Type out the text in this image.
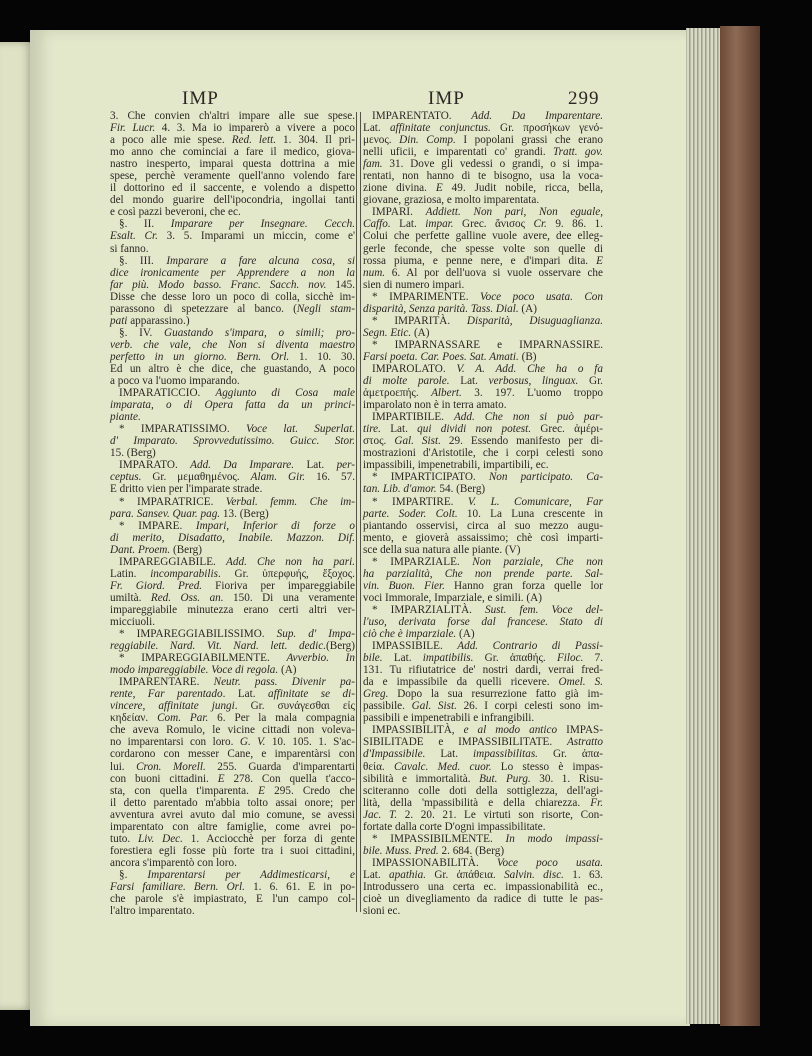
IMP	IMP	299
3. Che convien ch'altri impare alle sue spese.
Fir. Lucr. 4. 3. Ma io imparerò a vivere a poco
a poco alle mie spese. Red. lett. 1. 304. Il pri-
mo anno che cominciai a fare il medico, giova-
nastro inesperto, imparai questa dottrina a mie
spese, perchè veramente quell'anno volendo fare
il dottorino ed il saccente, e volendo a dispetto
del mondo guarire dell'ipocondria, ingollai tanti
e così pazzi beveroni, che ec.
§. II. Imparare per Insegnare. Cecch.
Esalt. Cr. 3. 5. Imparami un miccin, come e'
si fanno.
§. III. Imparare a fare alcuna cosa, si
dice ironicamente per Apprendere a non la
far più. Modo basso. Franc. Sacch. nov. 145.
Disse che desse loro un poco di colla, sicchè im-
parassono di spetezzare al banco. (Negli stam-
pati apparassino.)
§. IV. Guastando s'impara, o simili; pro-
verb. che vale, che Non si diventa maestro
perfetto in un giorno. Bern. Orl. 1. 10. 30.
Ed un altro è che dice, che guastando, A poco
a poco va l'uomo imparando.
IMPARATICCIO. Aggiunto di Cosa male
imparata, o di Opera fatta da un princi-
piante.
* IMPARATISSIMO. Voce lat. Superlat.
d' Imparato. Sprovvedutissimo. Guicc. Stor.
15. (Berg)
IMPARATO. Add. Da Imparare. Lat. per-
ceptus. Gr. μεμαθημένος. Alam. Gir. 16. 57.
E dritto vien per l'imparate strade.
* IMPARATRICE. Verbal. femm. Che im-
para. Sansev. Quar. pag. 13. (Berg)
* IMPARE. Impari, Inferior di forze o
di merito, Disadatto, Inabile. Mazzon. Dif.
Dant. Proem. (Berg)
IMPAREGGIABILE. Add. Che non ha pari.
Latin. incomparabilis. Gr. ὑπερφυής, ἔξοχος.
Fr. Giord. Pred. Fioriva per impareggiabile
umiltà. Red. Oss. an. 150. Di una veramente
impareggiabile minutezza erano certi altri ver-
micciuoli.
* IMPAREGGIABILISSIMO. Sup. d' Impa-
reggiabile. Nard. Vit. Nard. lett. dedic.(Berg)
* IMPAREGGIABILMENTE. Avverbio. In
modo impareggiabile. Voce di regola. (A)
IMPARENTARE. Neutr. pass. Divenir pa-
rente, Far parentado. Lat. affinitate se di-
vincere, affinitate jungi. Gr. συνάγεσθαι εἰς
κηδείαν. Com. Par. 6. Per la mala compagnia
che aveva Romulo, le vicine cittadi non voleva-
no imparentarsi con loro. G. V. 10. 105. 1. S'ac-
cordarono con messer Cane, e imparentàrsi con
lui. Cron. Morell. 255. Guarda d'imparentarti
con buoni cittadini. E 278. Con quella t'acco-
sta, con quella t'imparenta. E 295. Credo che
il detto parentado m'abbia tolto assai onore; per
avventura avrei avuto dal mio comune, se avessi
imparentato con altre famiglie, come avrei po-
tuto. Liv. Dec. 1. Acciocchè per forza di gente
forestiera egli fosse più forte tra i suoi cittadini,
ancora s'imparentò con loro.
§. Imparentarsi per Addimesticarsi, e
Farsi familiare. Bern. Orl. 1. 6. 61. E in po-
che parole s'è impiastrato, E l'un campo col-
l'altro imparentato.
IMPARENTATO. Add. Da Imparentare.
Lat. affinitate conjunctus. Gr. προσήκων γενό-
μενος. Din. Comp. I popolani grassi che erano
nelli uficii, e imparentati co' grandi. Tratt. gov.
fam. 31. Dove gli vedessi o grandi, o si impa-
rentati, non hanno di te bisogno, usa la voca-
zione divina. E 49. Judit nobile, ricca, bella,
giovane, graziosa, e molto imparentata.
IMPARI. Addiett. Non pari, Non eguale,
Caffo. Lat. impar. Grec. ἄνισος Cr. 9. 86. 1.
Colui che perfette galline vuole avere, dee elleg-
gerle feconde, che spesse volte son quelle di
rossa piuma, e penne nere, e d'impari dita. E
num. 6. Al por dell'uova si vuole osservare che
sien di numero impari.
* IMPARIMENTE. Voce poco usata. Con
disparità, Senza parità. Tass. Dial. (A)
* IMPARITÀ. Disparità, Disuguaglianza.
Segn. Etic. (A)
* IMPARNASSARE e IMPARNASSIRE.
Farsi poeta. Car. Poes. Sat. Amati. (B)
IMPAROLATO. V. A. Add. Che ha o fa
di molte parole. Lat. verbosus, linguax. Gr.
ἀμετροεπής. Albert. 3. 197. L'uomo troppo
imparolato non è in terra amato.
IMPARTIBILE. Add. Che non si può par-
tire. Lat. qui dividi non potest. Grec. ἀμέρι-
στος. Gal. Sist. 29. Essendo manifesto per di-
mostrazioni d'Aristotile, che i corpi celesti sono
impassibili, impenetrabili, impartibili, ec.
* IMPARTICIPATO. Non participato. Ca-
tan. Lib. d'amor. 54. (Berg)
* IMPARTIRE. V. L. Comunicare, Far
parte. Soder. Colt. 10. La Luna crescente in
piantando osservisi, circa al suo mezzo augu-
mento, e gioverà assaissimo; chè così imparti-
sce della sua natura alle piante. (V)
* IMPARZIALE. Non parziale, Che non
ha parzialità, Che non prende parte. Sal-
vin. Buon. Fier. Hanno gran forza quelle lor
voci Immorale, Imparziale, e simili. (A)
* IMPARZIALITÀ. Sust. fem. Voce del-
l'uso, derivata forse dal francese. Stato di
ciò che è imparziale. (A)
IMPASSIBILE. Add. Contrario di Passi-
bile. Lat. impatibilis. Gr. ἀπαθής. Filoc. 7.
131. Tu rifiutatrice de' nostri dardi, verrai fred-
da e impassibile da quelli ricevere. Omel. S.
Greg. Dopo la sua resurrezione fatto già im-
passibile. Gal. Sist. 26. I corpi celesti sono im-
passibili e impenetrabili e infrangibili.
IMPASSIBILITÀ, e al modo antico IMPAS-
SIBILITADE e IMPASSIBILITATE. Astratto
d'Impassibile. Lat. impassibilitas. Gr. ἀπα-
θεία. Cavalc. Med. cuor. Lo stesso è impas-
sibilità e immortalità. But. Purg. 30. 1. Risu-
sciteranno colle doti della sottiglezza, dell'agi-
lità, della 'mpassibilità e della chiarezza. Fr.
Jac. T. 2. 20. 21. Le virtuti son risorte, Con-
fortate dalla corte D'ogni impassibilitate.
* IMPASSIBILMENTE. In modo impassi-
bile. Muss. Pred. 2. 684. (Berg)
IMPASSIONABILITÀ. Voce poco usata.
Lat. apathia. Gr. ἀπάθεια. Salvin. disc. 1. 63.
Introdussero una certa ec. impassionabilità ec.,
cioè un divegliamento da radice di tutte le pas-
sioni ec.
